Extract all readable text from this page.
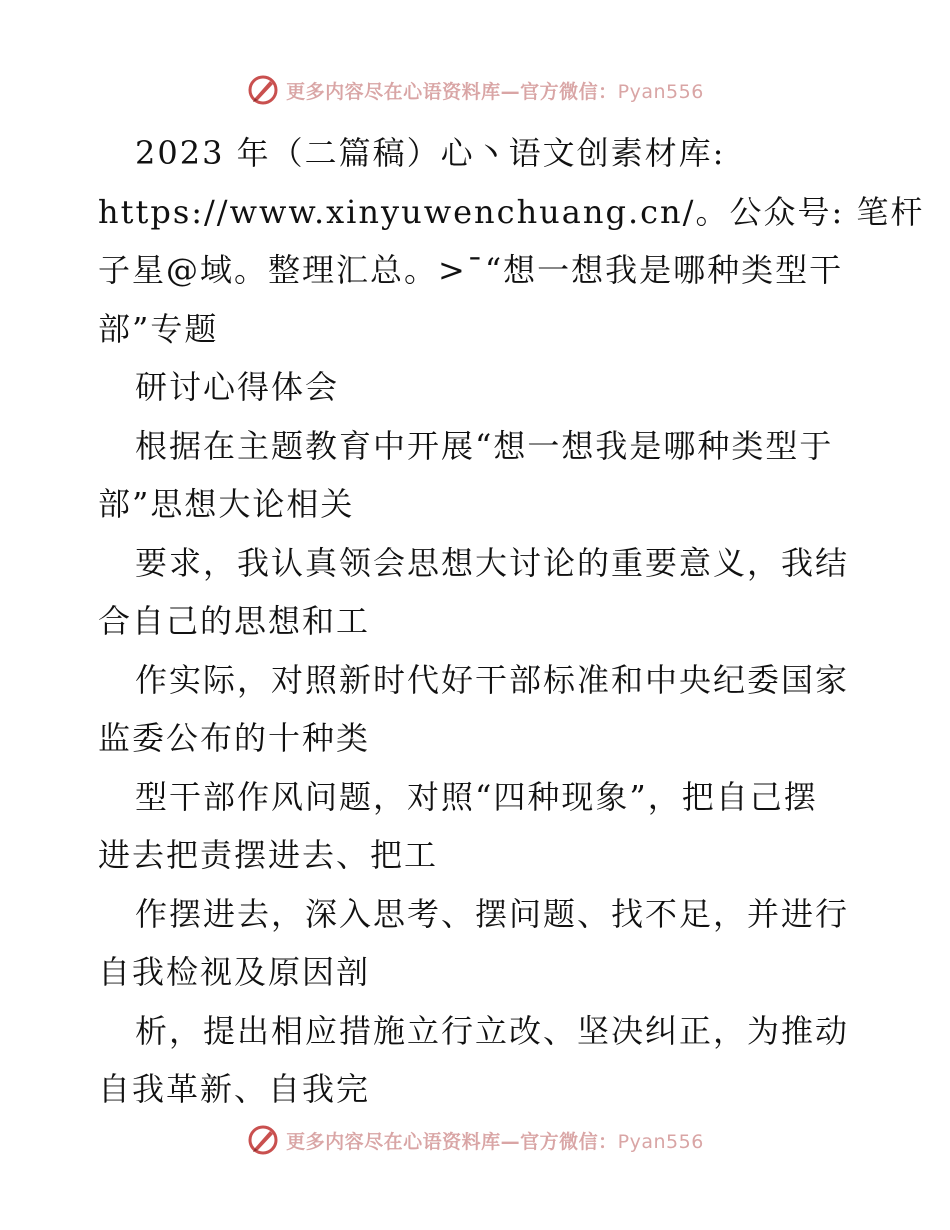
更多内容尽在心语资料库—官方微信：Pyan556

2023 年（二篇稿）心丶语文创素材库:

https://www.xinyuwenchuang.cn/。公众号: 笔杆

子星@域。整理汇总。>¯“想一想我是哪种类型干

部”专题

研讨心得体会

根据在主题教育中开展“想一想我是哪种类型于

部”思想大论相关

要求，我认真领会思想大讨论的重要意义，我结

合自己的思想和工

作实际，对照新时代好干部标准和中央纪委国家

监委公布的十种类

型干部作风问题，对照“四种现象”，把自己摆

进去把责摆进去、把工

作摆进去，深入思考、摆问题、找不足，并进行

自我检视及原因剖

析，提出相应措施立行立改、坚决纠正，为推动

自我革新、自我完

更多内容尽在心语资料库—官方微信：Pyan556
